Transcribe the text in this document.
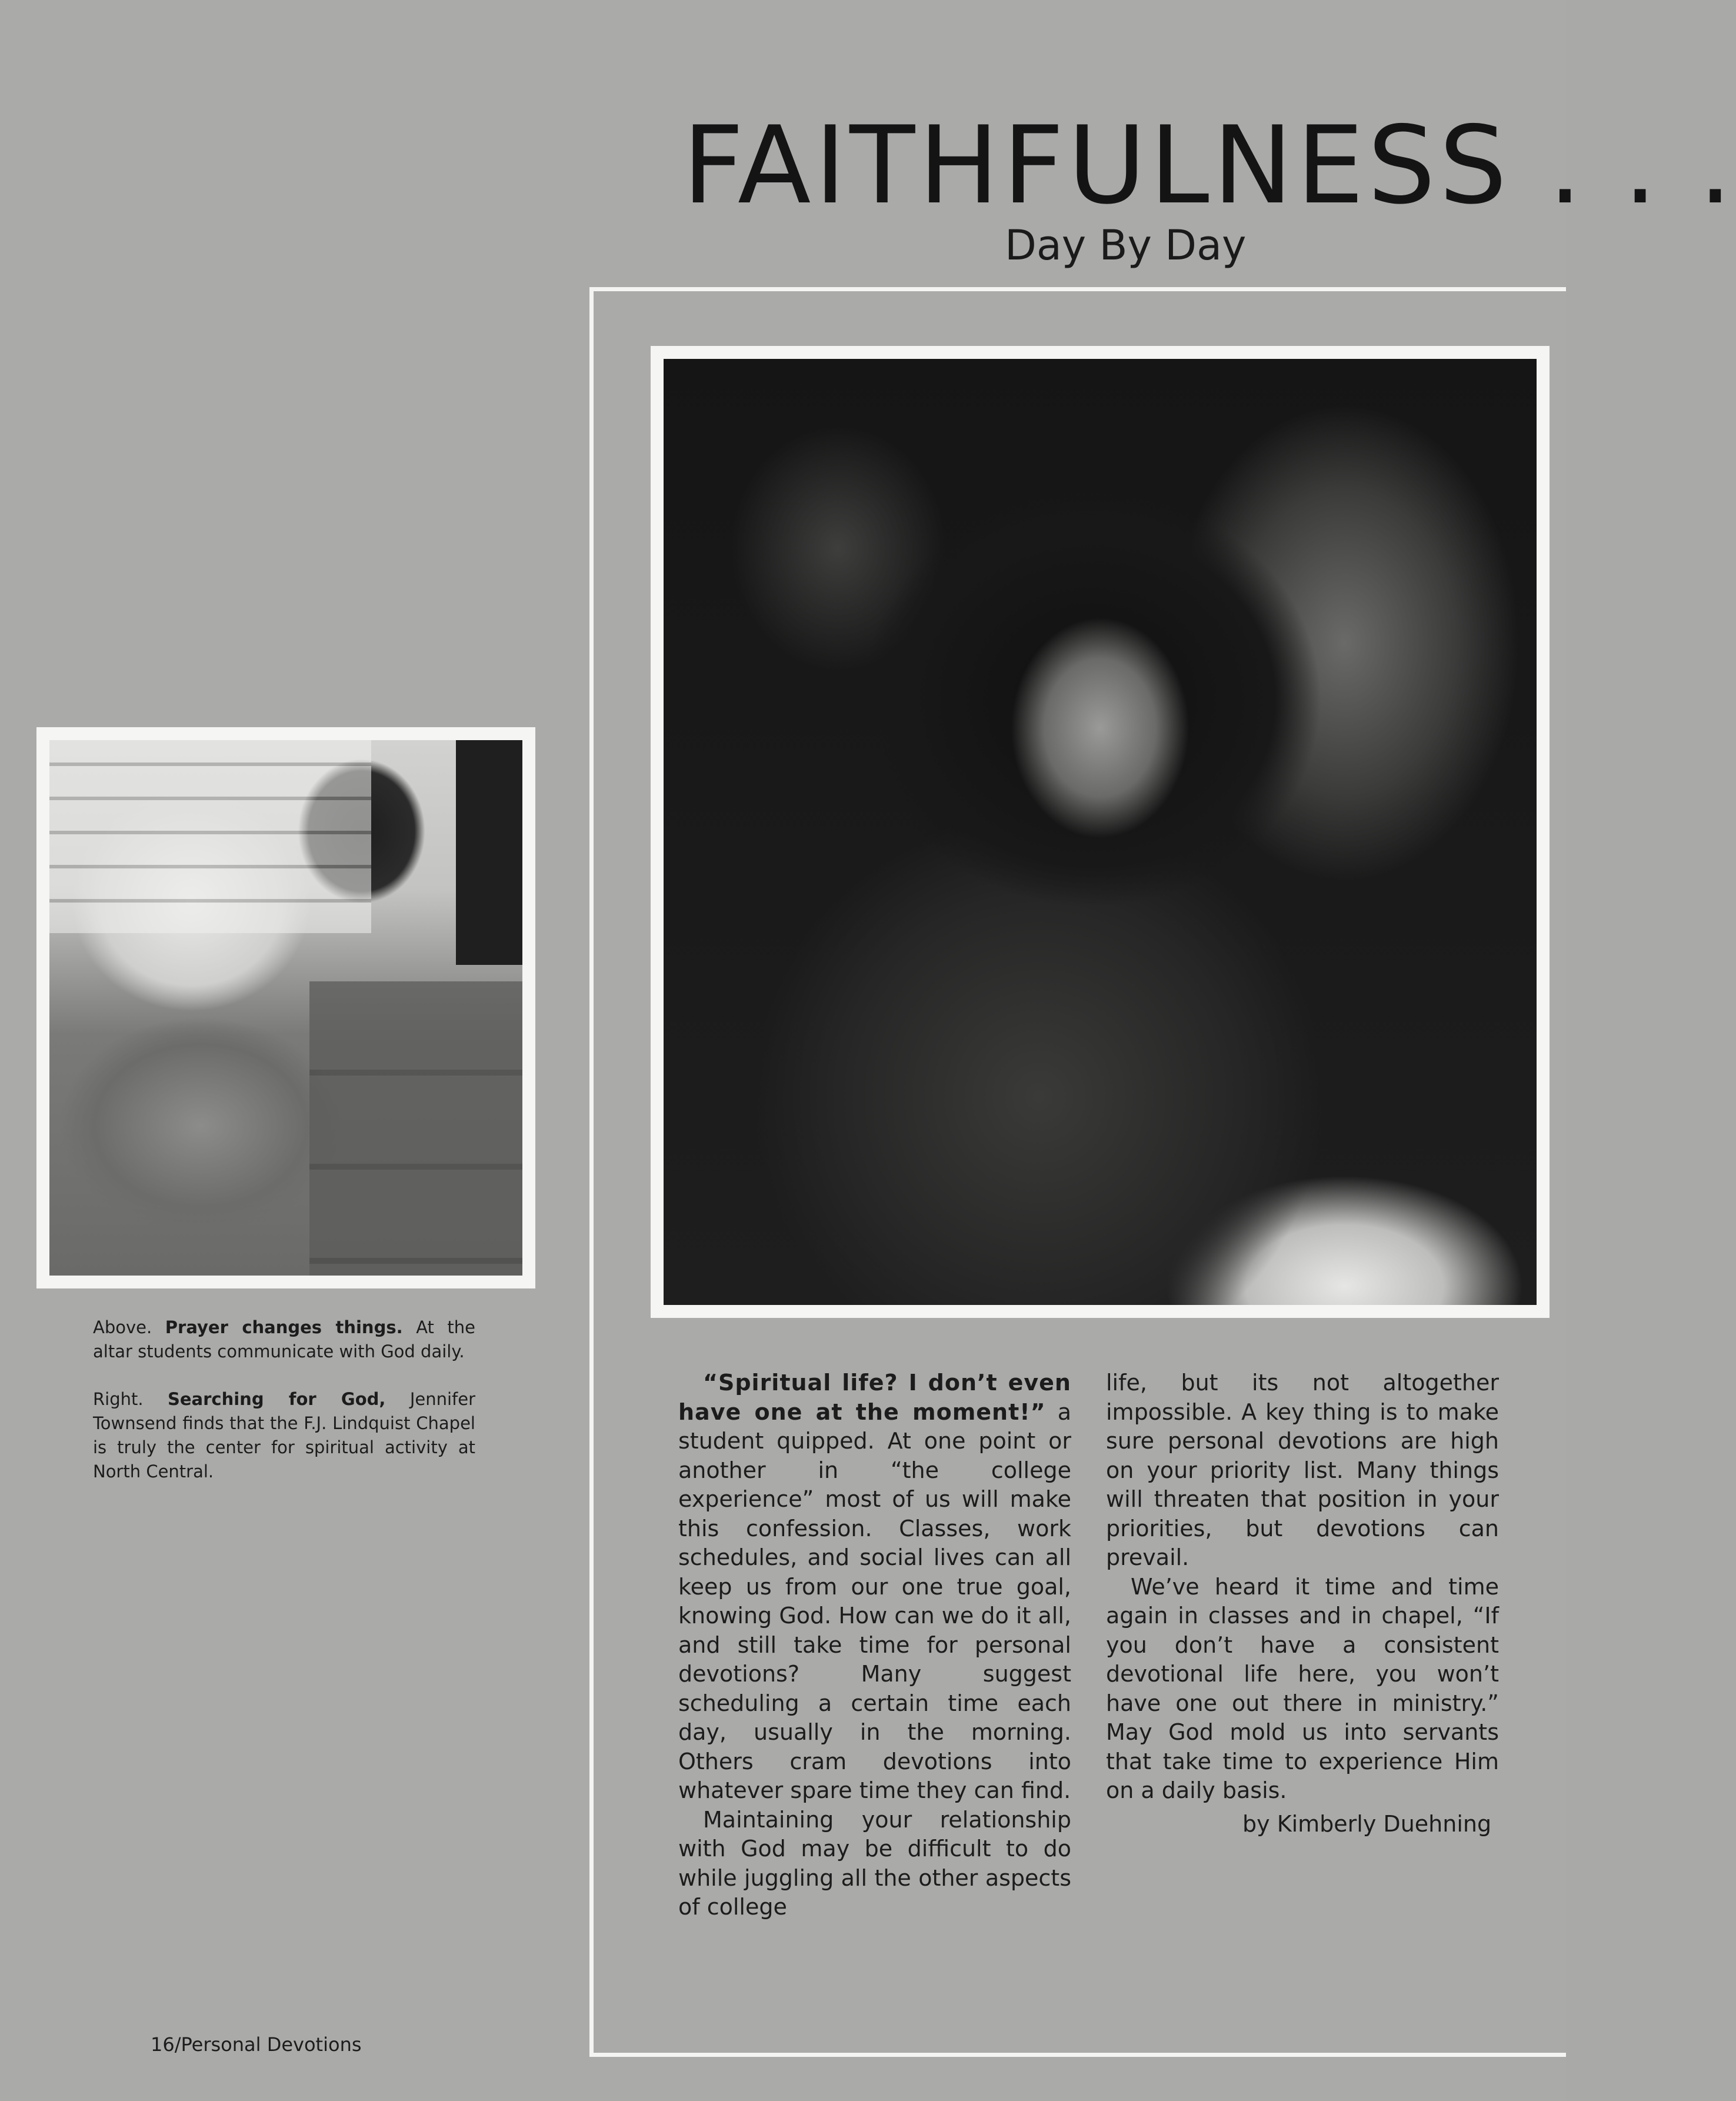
FAITHFULNESS . . .
Day By Day

Above. Prayer changes things. At the altar students communicate with God daily.

Right. Searching for God, Jennifer Townsend finds that the F.J. Lindquist Chapel is truly the center for spiritual activity at North Central.

“Spiritual life? I don’t even have one at the moment!” a student quipped. At one point or another in “the college experience” most of us will make this confession. Classes, work schedules, and social lives can all keep us from our one true goal, knowing God. How can we do it all, and still take time for personal devotions? Many suggest scheduling a certain time each day, usually in the morning. Others cram devotions into whatever spare time they can find.

Maintaining your relationship with God may be difficult to do while juggling all the other aspects of college

life, but its not altogether impossible. A key thing is to make sure personal devotions are high on your priority list. Many things will threaten that position in your priorities, but devotions can prevail.

We’ve heard it time and time again in classes and in chapel, “If you don’t have a consistent devotional life here, you won’t have one out there in ministry.” May God mold us into servants that take time to experience Him on a daily basis.

by Kimberly Duehning
16/Personal Devotions
